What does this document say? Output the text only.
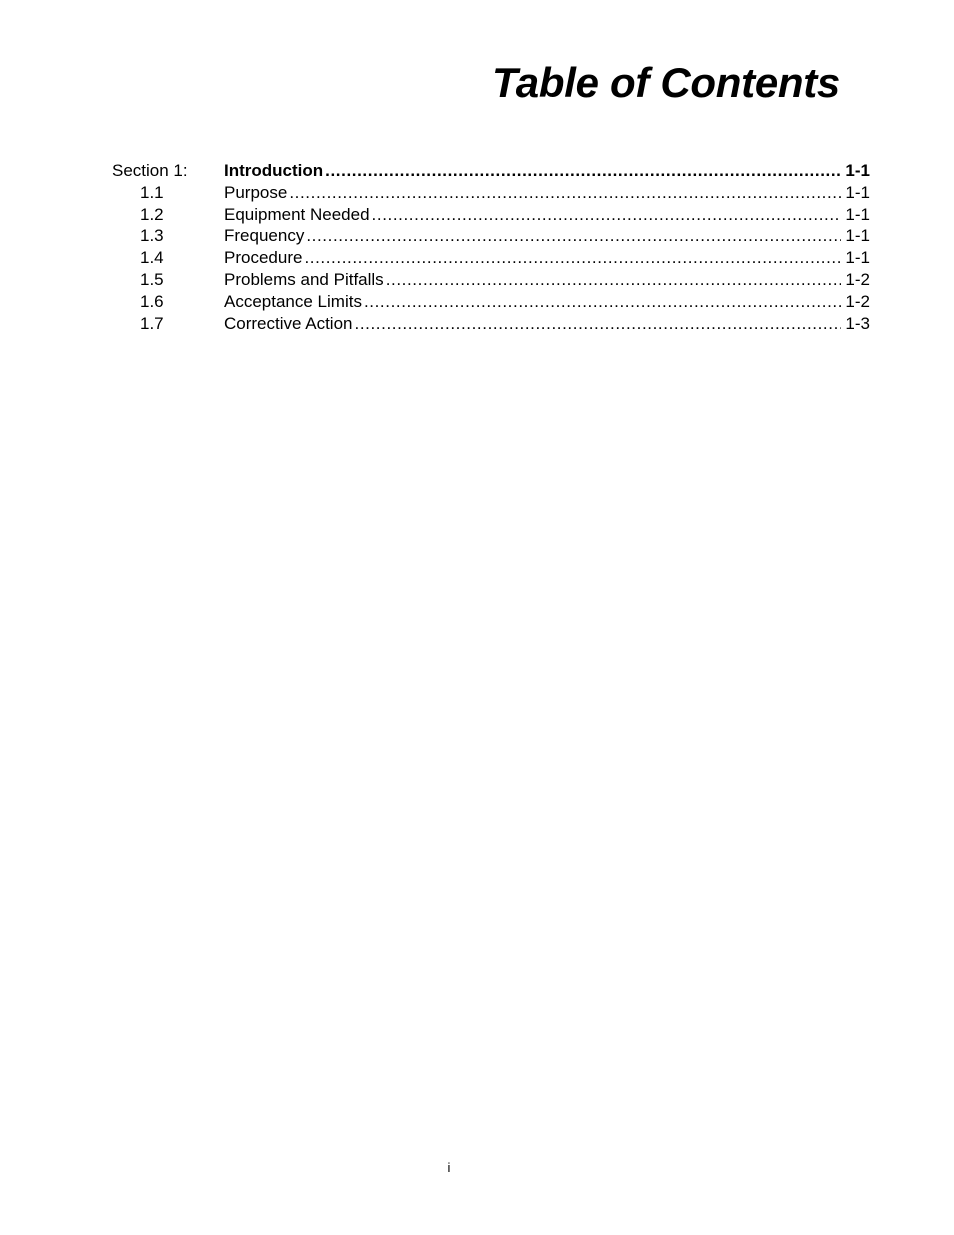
Table of Contents
Section 1:	Introduction .....	1-1
1.1	Purpose .....	1-1
1.2	Equipment Needed .....	1-1
1.3	Frequency .....	1-1
1.4	Procedure .....	1-1
1.5	Problems and Pitfalls .....	1-2
1.6	Acceptance Limits .....	1-2
1.7	Corrective Action .....	1-3
i
